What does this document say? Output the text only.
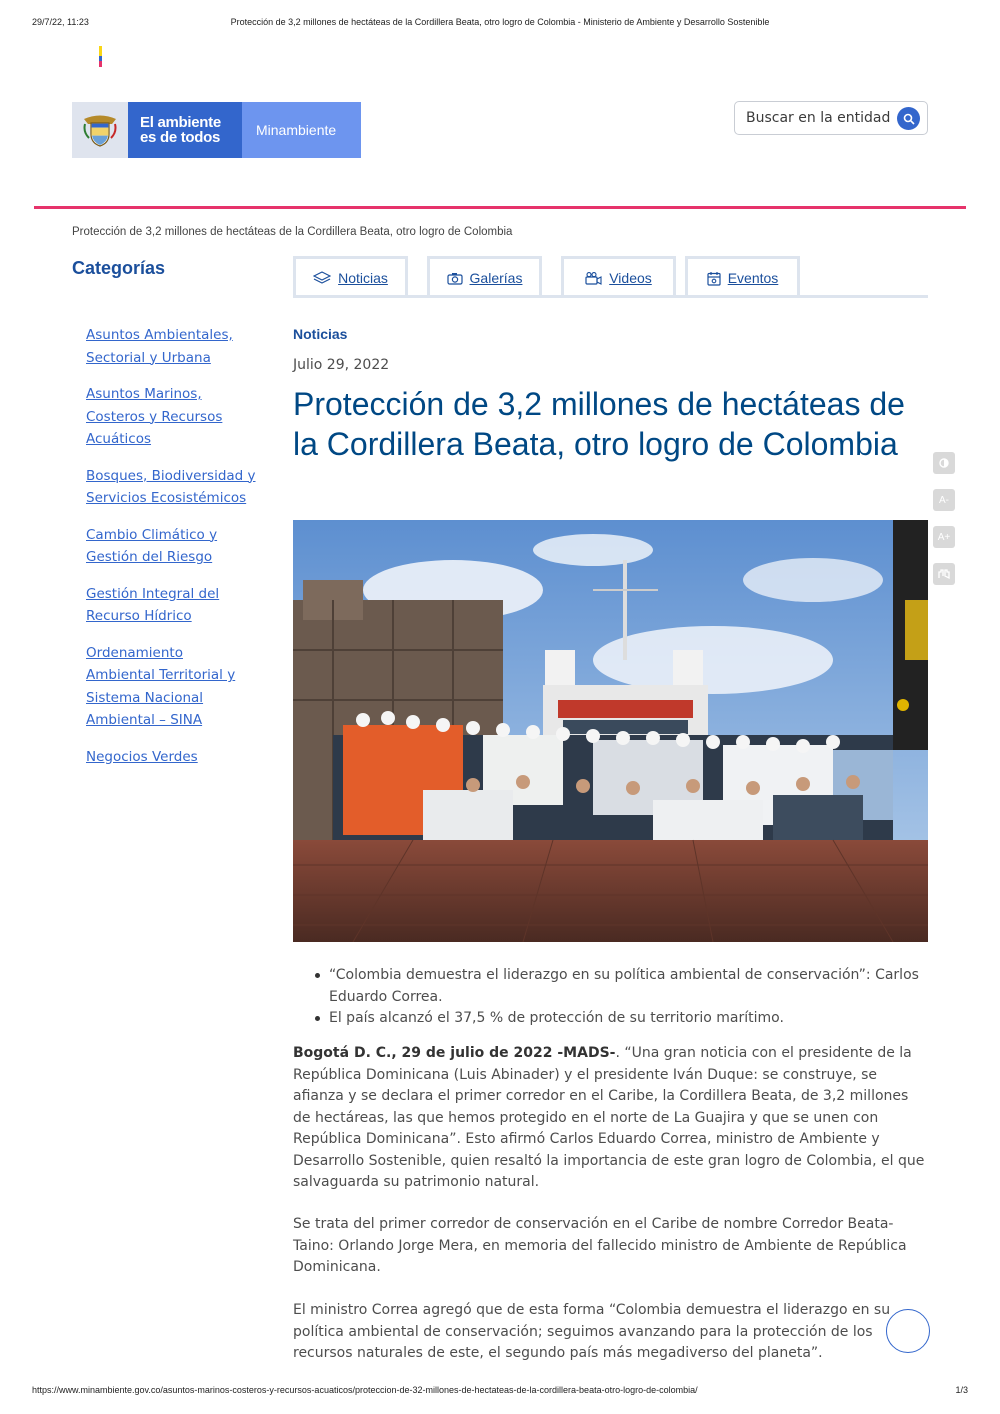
29/7/22, 11:23	Protección de 3,2 millones de hectáteas de la Cordillera Beata, otro logro de Colombia - Ministerio de Ambiente y Desarrollo Sostenible
El ambiente
es de todos	Minambiente
Buscar en la entidad
Protección de 3,2 millones de hectáteas de la Cordillera Beata, otro logro de Colombia
Categorías
Asuntos Ambientales, Sectorial y Urbana
Asuntos Marinos, Costeros y Recursos Acuáticos
Bosques, Biodiversidad y Servicios Ecosistémicos
Cambio Climático y Gestión del Riesgo
Gestión Integral del Recurso Hídrico
Ordenamiento Ambiental Territorial y Sistema Nacional Ambiental – SINA
Negocios Verdes
Noticias	Galerías	Videos	Eventos
Noticias
Julio 29, 2022
Protección de 3,2 millones de hectáteas de la Cordillera Beata, otro logro de Colombia
A-
A+
“Colombia demuestra el liderazgo en su política ambiental de conservación”: Carlos Eduardo Correa.
El país alcanzó el 37,5 % de protección de su territorio marítimo.

Bogotá D. C., 29 de julio de 2022 -MADS-. “Una gran noticia con el presidente de la República Dominicana (Luis Abinader) y el presidente Iván Duque: se construye, se afianza y se declara el primer corredor en el Caribe, la Cordillera Beata, de 3,2 millones de hectáreas, las que hemos protegido en el norte de La Guajira y que se unen con República Dominicana”. Esto afirmó Carlos Eduardo Correa, ministro de Ambiente y Desarrollo Sostenible, quien resaltó la importancia de este gran logro de Colombia, el que salvaguarda su patrimonio natural.

Se trata del primer corredor de conservación en el Caribe de nombre Corredor Beata-Taino: Orlando Jorge Mera, en memoria del fallecido ministro de Ambiente de República Dominicana.

El ministro Correa agregó que de esta forma “Colombia demuestra el liderazgo en su política ambiental de conservación; seguimos avanzando para la protección de los recursos naturales de este, el segundo país más megadiverso del planeta”.

https://www.minambiente.gov.co/asuntos-marinos-costeros-y-recursos-acuaticos/proteccion-de-32-millones-de-hectateas-de-la-cordillera-beata-otro-logro-de-colombia/	1/3
